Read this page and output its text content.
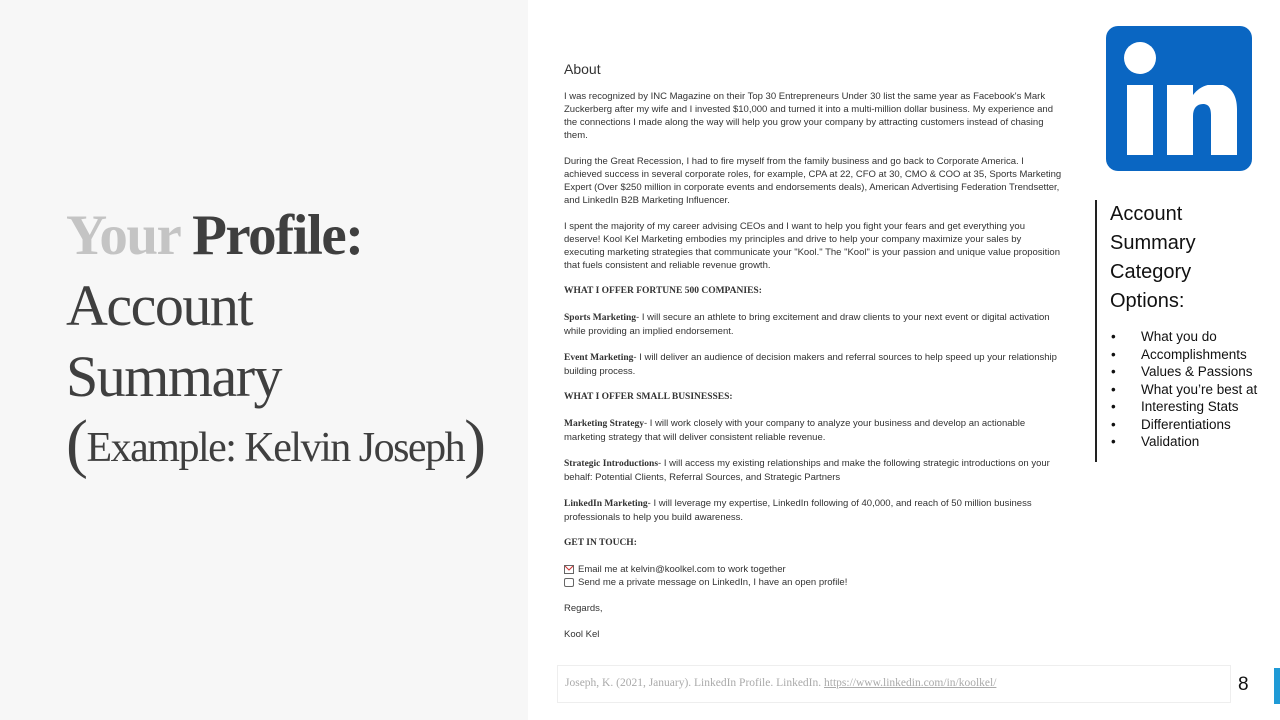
Your Profile:
Account
Summary
(Example: Kelvin Joseph)
About

I was recognized by INC Magazine on their Top 30 Entrepreneurs Under 30 list the same year as Facebook's Mark Zuckerberg after my wife and I invested $10,000 and turned it into a multi-million dollar business. My experience and the connections I made along the way will help you grow your company by attracting customers instead of chasing them.

During the Great Recession, I had to fire myself from the family business and go back to Corporate America. I achieved success in several corporate roles, for example, CPA at 22, CFO at 30, CMO & COO at 35, Sports Marketing Expert (Over $250 million in corporate events and endorsements deals), American Advertising Federation Trendsetter, and LinkedIn B2B Marketing Influencer.

I spent the majority of my career advising CEOs and I want to help you fight your fears and get everything you deserve! Kool Kel Marketing embodies my principles and drive to help your company maximize your sales by executing marketing strategies that communicate your "Kool." The "Kool" is your passion and unique value proposition that fuels consistent and reliable revenue growth.

WHAT I OFFER FORTUNE 500 COMPANIES:

Sports Marketing- I will secure an athlete to bring excitement and draw clients to your next event or digital activation while providing an implied endorsement.

Event Marketing- I will deliver an audience of decision makers and referral sources to help speed up your relationship building process.

WHAT I OFFER SMALL BUSINESSES:

Marketing Strategy- I will work closely with your company to analyze your business and develop an actionable marketing strategy that will deliver consistent reliable revenue.

Strategic Introductions- I will access my existing relationships and make the following strategic introductions on your behalf: Potential Clients, Referral Sources, and Strategic Partners

LinkedIn Marketing- I will leverage my expertise, LinkedIn following of 40,000, and reach of 50 million business professionals to help you build awareness.

GET IN TOUCH:

Email me at kelvin@koolkel.com to work together
Send me a private message on LinkedIn, I have an open profile!

Regards,

Kool Kel

Account Summary Category Options:
• What you do
• Accomplishments
• Values & Passions
• What you’re best at
• Interesting Stats
• Differentiations
• Validation
Joseph, K. (2021, January). LinkedIn Profile. LinkedIn. https://www.linkedin.com/in/koolkel/	8
